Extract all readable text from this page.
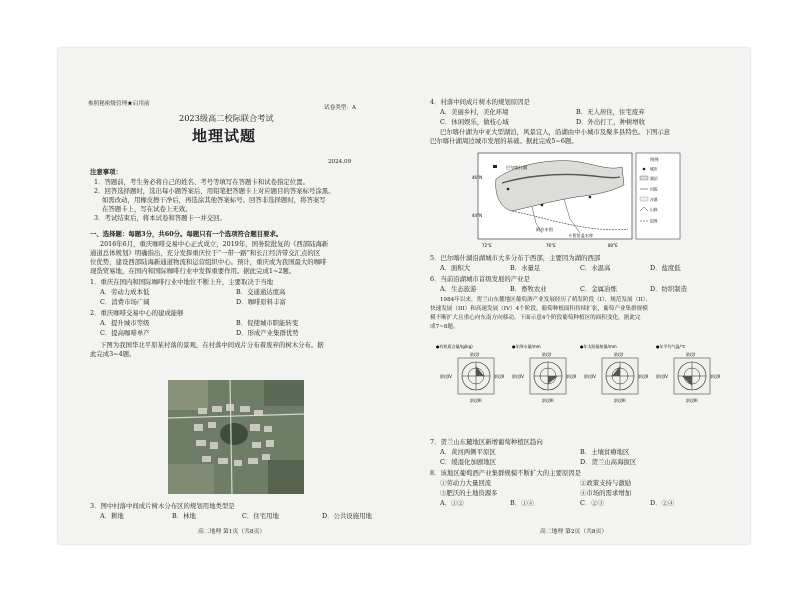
参照秘密级管理★启用前
试卷类型：A
2023级高二校际联合考试
地理试题
2024.09
注意事项：
1．答题前，考生务必将自己的姓名、考号等填写在答题卡和试卷指定位置。
2．回答选择题时，选出每小题答案后，用铅笔把答题卡上对应题目的答案标号涂黑。
如需改动，用橡皮擦干净后，再选涂其他答案标号。回答非选择题时，将答案写
在答题卡上，写在试卷上无效。
3．考试结束后，将本试卷和答题卡一并交回。
一、选择题：每题3分，共60分。每题只有一个选项符合题目要求。
2016年6月，重庆咖啡交易中心正式成立，2019年，国务院批复的《西部陆海新
通道总体规划》明确指出，充分发挥重庆位于“一带一路”和长江经济带交汇点的区
位优势，建设西部陆海新通道物流和运营组织中心。预计，重庆或为我国最大的咖啡
现货贸易地，在国内和国际咖啡行业中发挥重要作用。据此完成1~2题。
1．重庆在国内和国际咖啡行业中地位不断上升，主要取决于当地
A．劳动力成本低	B．交通通达度高
C．消费市场广阔	D．咖啡原料丰富
2．重庆咖啡交易中心的建成能够
A．提升城市等级	B．促使城市职能转变
C．提高咖啡单产	D．形成产业集群优势
下图为我国华北平原某村落的景观，在村落中间成片分布着废弃的树木分布。据
此完成3~4题。
3．图中村落中间成片树木分布区的规划用地类型是
A．耕地	B．林地	C．住宅用地	D．公共设施用地
高二地理 第1页（共8页）
4．村落中间成片树木的规划原因是
A．美丽乡村，美化环境	B．无人居住，住宅废弃
C．休闲娱乐，做枝心域	D．外出打工，种树增收
巴尔喀什湖为中亚大型湖泊，风景宜人，沿湖由中小城市及聚多县特色。下图示意
巴尔喀什湖周边城市发展的基础。据此完成5~6题。
巴尔喀什湖
阿拉木图
卡普恰盖水库
46°N
44°N
72°E	76°E	80°E
图例
城市
湖泊
河流
沙漠
山脉
国界
5．巴尔喀什湖沿湖城市大多分布于西部，主要因为湖的西部
A．面积大	B．水量足	C．水温高	D．盐度低
6．当前沿湖城市首级发展的产业是
A．生态旅游	B．畜牧农业	C．金属冶炼	D．纺织制造
1984年以来，贺兰山东麓地区葡萄酒产业发展经历了萌发阶段（I）、规范发展（II）、
快速发展（III）和高速发展（IV）4个阶段，葡萄种植面积持续扩张，葡萄产业集群规模
模不断扩大且重心向东南方向移动。下面示意4个阶段葡萄种植区的面积变化。据此完
成7~8题。
●有机质含量/(g/kg)
阶段I
阶段II
阶段III
阶段IV
●年降水量/mm
阶段I
阶段II
阶段III
阶段IV
●年太阳辐射量/mm
阶段I
阶段II
阶段III
阶段IV
●年平均气温/℃
阶段I
阶段II
阶段III
阶段IV
7．贺兰山东麓地区新增葡萄种植区趋向
A．黄河两侧平原区	B．土壤贫瘠地区
C．缓湿化加剧地区	D．贺兰山高海拔区
8．该地区葡萄酒产业集群规模不断扩大的主要原因是
①劳动力大量回流	②政策支持与激励
③肥沃的土地资源多	④市场的需求增加
A．①②	B．①④	C．②③	D．②④
高二地理 第2页（共8页）
